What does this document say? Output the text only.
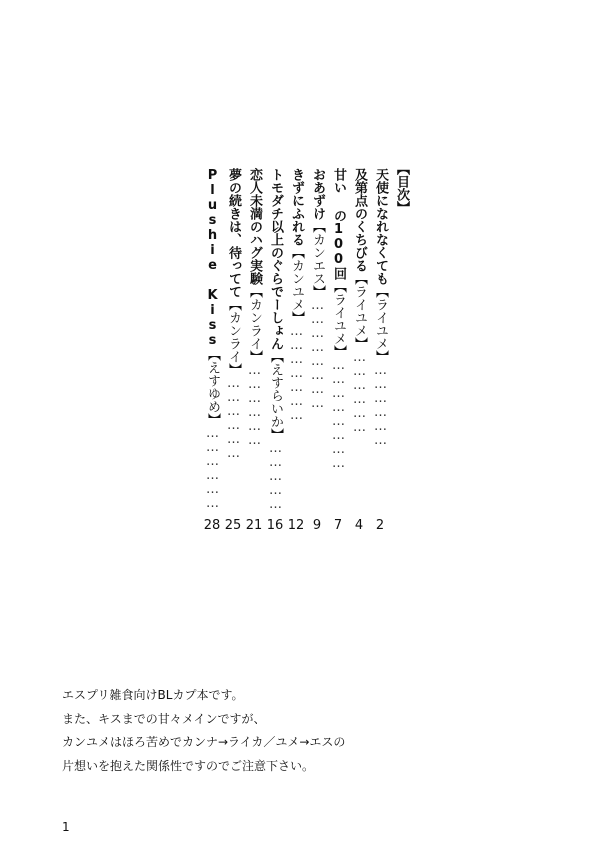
【目次】
天使になれなくても【ライユメ】………………
及第点のくちびる【ライユメ】………………
甘い の100回【ライユメ】……………………
おあずけ【カンエス】……………………
きずにふれる【カンユメ】…………………
トモダチ以上のぐらでーしょん【えすらいか】……………
恋人未満のハグ実験【カンライ】………………
夢の続きは、待ってて【カンライ】………………
Plushie Kiss【えすゆめ】………………
2
4
7
9
12
16
21
25
28

エスプリ雑食向けBLカプ本です。

また、キスまでの甘々メインですが、

カンユメはほろ苦めでカンナ→ライカ／ユメ→エスの

片想いを抱えた関係性ですのでご注意下さい。

1
